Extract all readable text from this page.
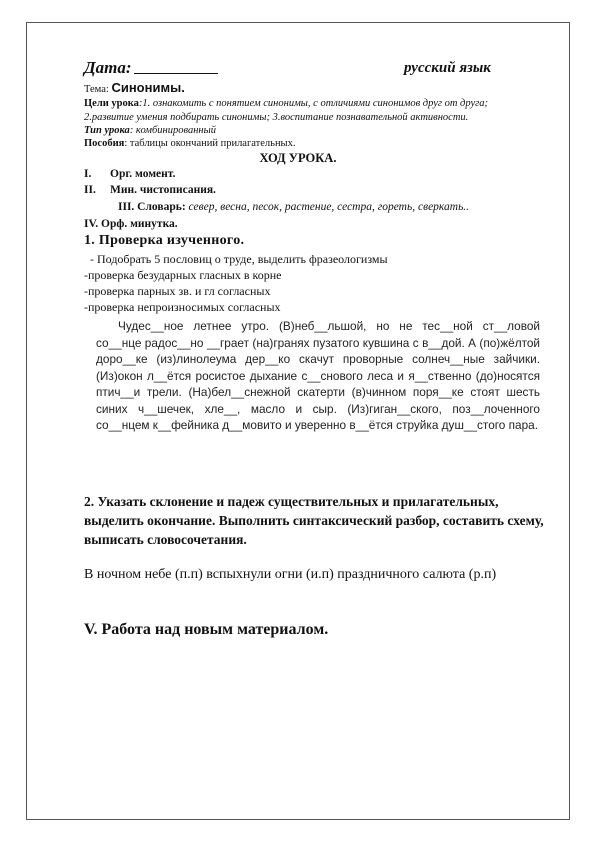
Дата:	русский язык
Тема: Синонимы.
Цели урока:1. ознакомить с понятием синонимы, с отличиями синонимов друг от друга;
2.развитие умения подбирать синонимы; 3.воспитание познавательной активности.
Тип урока: комбинированный
Пособия: таблицы окончаний прилагательных.
ХОД УРОКА.
I. Орг. момент.
II. Мин. чистописания.
III. Словарь: север, весна, песок, растение, сестра, гореть, сверкать..
IV. Орф. минутка.
1. Проверка изученного.
- Подобрать 5 пословиц о труде, выделить фразеологизмы
-проверка безударных гласных в корне
-проверка парных зв. и гл согласных
-проверка непроизносимых согласных
Чудес__ное летнее утро. (В)неб__льшой, но не тес__ной ст__ловой со__нце радос__но __грает (на)гранях пузатого кувшина с в__дой. А (по)жёлтой доро__ке (из)линолеума дер__ко скачут проворные солнеч__ные зайчики. (Из)окон л__ётся росистое дыхание с__снового леса и я__ственно (до)носятся птич__и трели. (На)бел__снежной скатерти (в)чинном поря__ке стоят шесть синих ч__шечек, хле__, масло и сыр. (Из)гиган__ского, поз__лоченного со__нцем к__фейника д__мовито и уверенно в__ётся струйка душ__стого пара.
2. Указать склонение и падеж существительных и прилагательных, выделить окончание. Выполнить синтаксический разбор, составить схему, выписать словосочетания.
В ночном небе (п.п) вспыхнули огни (и.п) праздничного салюта (р.п)
V. Работа над новым материалом.
